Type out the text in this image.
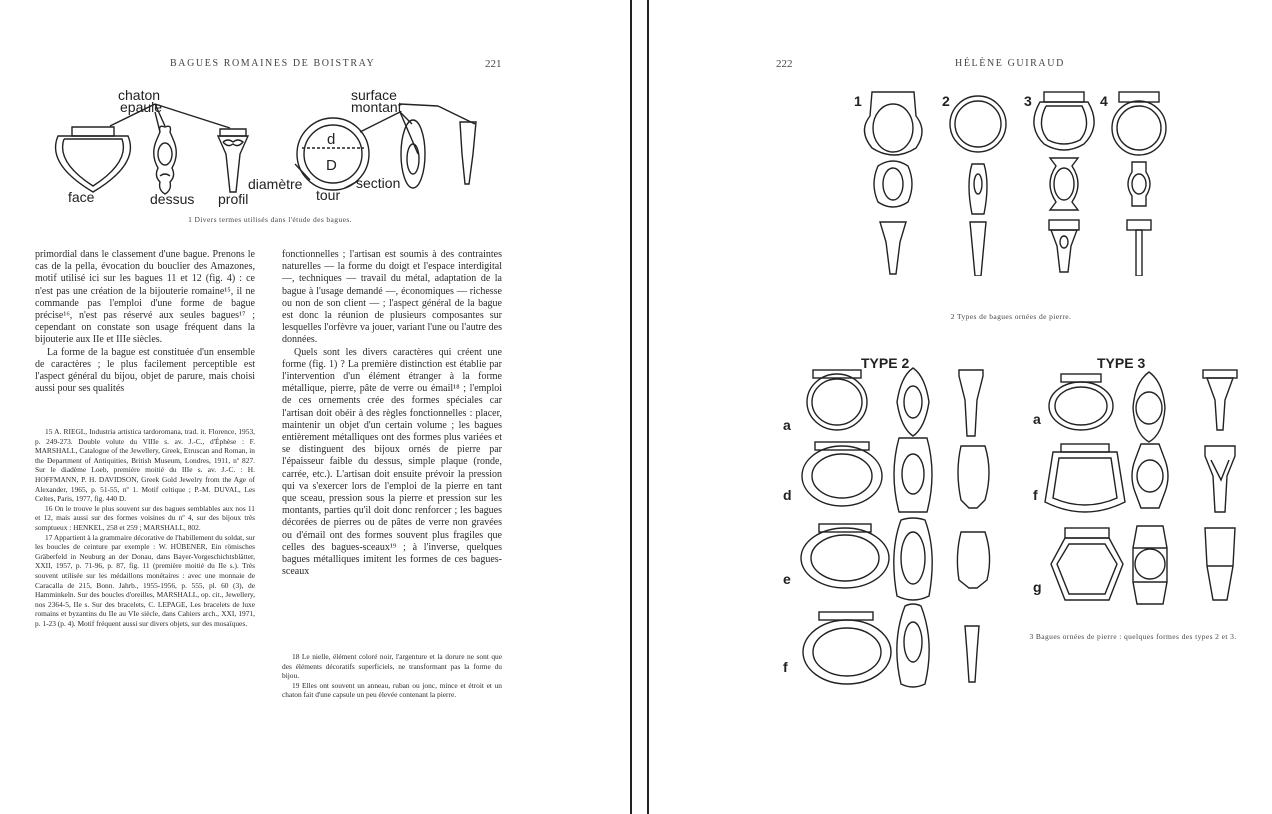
BAGUES ROMAINES DE BOISTRAY	221
chaton
epaule
face	dessus profil
d
D
diamètre
tour
section
surface
montant
1 Divers termes utilisés dans l'étude des bagues.

primordial dans le classement d'une bague. Prenons le cas de la pella, évocation du bouclier des Amazones, motif utilisé ici sur les bagues 11 et 12 (fig. 4) : ce n'est pas une création de la bijouterie romaine¹⁵, il ne commande pas l'emploi d'une forme de bague précise¹⁶, n'est pas réservé aux seules bagues¹⁷ ; cependant on constate son usage fréquent dans la bijouterie aux IIe et IIIe siècles.

La forme de la bague est constituée d'un ensemble de caractères ; le plus facilement perceptible est l'aspect général du bijou, objet de parure, mais choisi aussi pour ses qualités

15 A. RIEGL, Industria artistica tardoromana, trad. it. Florence, 1953, p. 249-273. Double volute du VIIIe s. av. J.-C., d'Éphèse : F. MARSHALL, Catalogue of the Jewellery, Greek, Etruscan and Roman, in the Department of Antiquities, British Museum, Londres, 1911, nº 827. Sur le diadème Loeb, première moitié du IIIe s. av. J.-C. : H. HOFFMANN, P. H. DAVIDSON, Greek Gold Jewelry from the Age of Alexander, 1965, p. 51-55, nº 1. Motif celtique ; P.-M. DUVAL, Les Celtes, Paris, 1977, fig. 440 D.

16 On le trouve le plus souvent sur des bagues semblables aux nos 11 et 12, mais aussi sur des formes voisines du nº 4, sur des bijoux très somptueux : HENKEL, 258 et 259 ; MARSHALL, 802.

17 Appartient à la grammaire décorative de l'habillement du soldat, sur les boucles de ceinture par exemple : W. HÜBENER, Ein römisches Gräberfeld in Neuburg an der Donau, dans Bayer-Vorgeschichtsblätter, XXII, 1957, p. 71-96, p. 87, fig. 11 (première moitié du IIe s.). Très souvent utilisée sur les médaillons monétaires : avec une monnaie de Caracalla de 215, Bonn. Jahrb., 1955-1956, p. 555, pl. 60 (3), de Hamminkeln. Sur des boucles d'oreilles, MARSHALL, op. cit., Jewellery, nos 2364-5, IIe s. Sur des bracelets, C. LEPAGE, Les bracelets de luxe romains et byzantins du IIe au VIe siècle, dans Cahiers arch., XXI, 1971, p. 1-23 (p. 4). Motif fréquent aussi sur divers objets, sur des mosaïques.

fonctionnelles ; l'artisan est soumis à des contraintes naturelles — la forme du doigt et l'espace interdigital —, techniques — travail du métal, adaptation de la bague à l'usage demandé —, économiques — richesse ou non de son client — ; l'aspect général de la bague est donc la réunion de plusieurs composantes sur lesquelles l'orfèvre va jouer, variant l'une ou l'autre des données.

Quels sont les divers caractères qui créent une forme (fig. 1) ? La première distinction est établie par l'intervention d'un élément étranger à la forme métallique, pierre, pâte de verre ou émail¹⁸ ; l'emploi de ces ornements crée des formes spéciales car l'artisan doit obéir à des règles fonctionnelles : placer, maintenir un objet d'un certain volume ; les bagues entièrement métalliques ont des formes plus variées et se distinguent des bijoux ornés de pierre par l'épaisseur faible du dessus, simple plaque (ronde, carrée, etc.). L'artisan doit ensuite prévoir la pression qui va s'exercer lors de l'emploi de la pierre en tant que sceau, pression sous la pierre et pression sur les montants, parties qu'il doit donc renforcer ; les bagues décorées de pierres ou de pâtes de verre non gravées ou d'émail ont des formes souvent plus fragiles que celles des bagues-sceaux¹⁹ ; à l'inverse, quelques bagues métalliques imitent les formes de ces bagues-sceaux

18 Le nielle, élément coloré noir, l'argenture et la dorure ne sont que des éléments décoratifs superficiels, ne transformant pas la forme du bijou.

19 Elles ont souvent un anneau, ruban ou jonc, mince et étroit et un chaton fait d'une capsule un peu élevée contenant la pierre.

222	HÉLÈNE GUIRAUD
1	2	3	4
2 Types de bagues ornées de pierre.
TYPE 2	TYPE 3
a
d
e
f
a
f
g
3 Bagues ornées de pierre : quelques formes des types 2 et 3.
